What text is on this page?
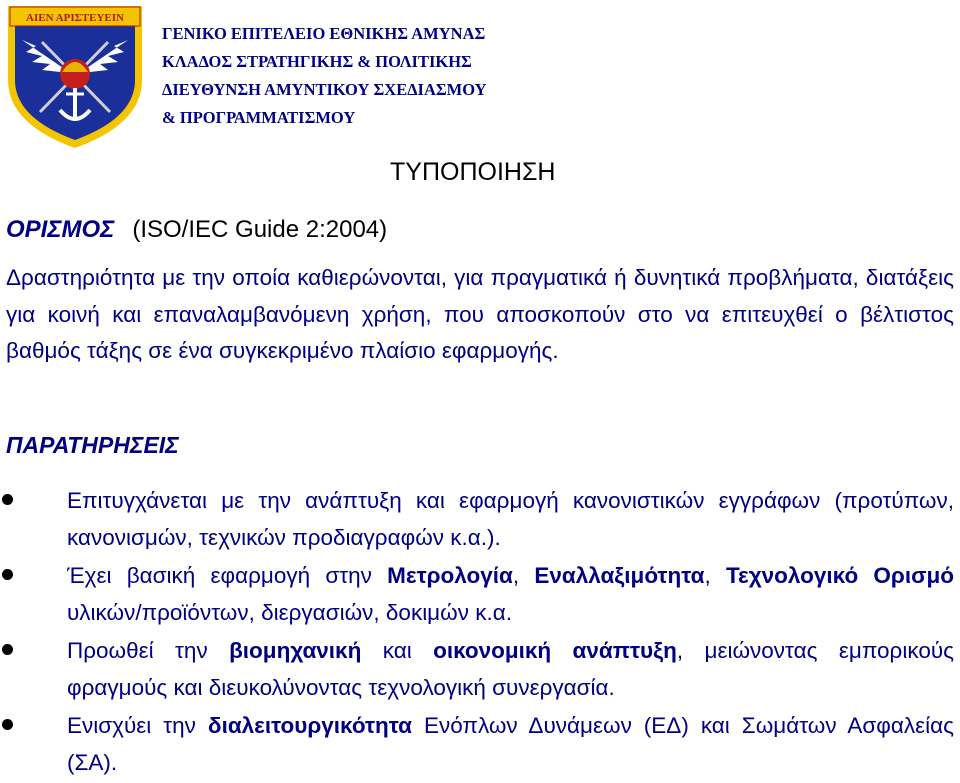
ΑΙΕΝ ΑΡΙΣΤΕΥΕΙΝ
ΓΕΝΙΚΟ ΕΠΙΤΕΛΕΙΟ ΕΘΝΙΚΗΣ ΑΜΥΝΑΣ
ΚΛΑΔΟΣ ΣΤΡΑΤΗΓΙΚΗΣ & ΠΟΛΙΤΙΚΗΣ
ΔΙΕΥΘΥΝΣΗ ΑΜΥΝΤΙΚΟΥ ΣΧΕΔΙΑΣΜΟΥ
& ΠΡΟΓΡΑΜΜΑΤΙΣΜΟΥ
ΤΥΠΟΠΟΙΗΣΗ
ΟΡΙΣΜΟΣ (ISO/IEC Guide 2:2004)
Δραστηριότητα με την οποία καθιερώνονται, για πραγματικά ή δυνητικά προβλήματα, διατάξεις για κοινή και επαναλαμβανόμενη χρήση, που αποσκοπούν στο να επιτευχθεί ο βέλτιστος βαθμός τάξης σε ένα συγκεκριμένο πλαίσιο εφαρμογής.
ΠΑΡΑΤΗΡΗΣΕΙΣ
Επιτυγχάνεται με την ανάπτυξη και εφαρμογή κανονιστικών εγγράφων (προτύπων, κανονισμών, τεχνικών προδιαγραφών κ.α.).
Έχει βασική εφαρμογή στην Μετρολογία, Εναλλαξιμότητα, Τεχνολογικό Ορισμό υλικών/προϊόντων, διεργασιών, δοκιμών κ.α.
Προωθεί την βιομηχανική και οικονομική ανάπτυξη, μειώνοντας εμπορικούς φραγμούς και διευκολύνοντας τεχνολογική συνεργασία.
Ενισχύει την διαλειτουργικότητα Ενόπλων Δυνάμεων (ΕΔ) και Σωμάτων Ασφαλείας (ΣΑ).
